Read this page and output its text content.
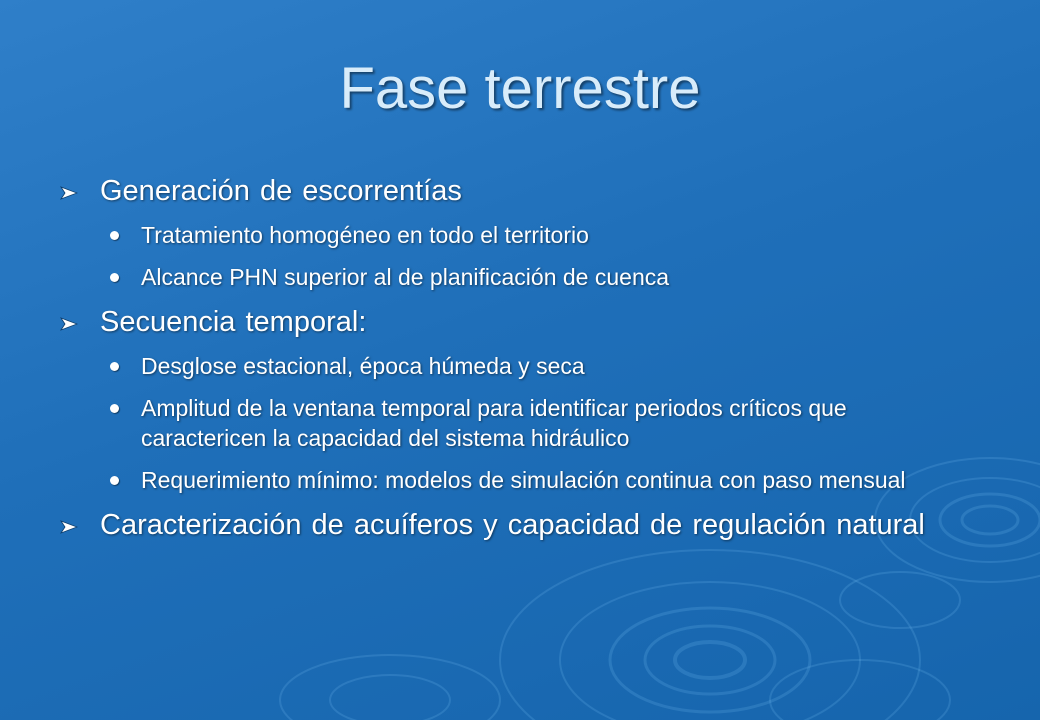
Fase terrestre
Generación de escorrentías
Tratamiento homogéneo en todo el territorio
Alcance PHN superior al de planificación de cuenca
Secuencia temporal:
Desglose estacional, época húmeda y seca
Amplitud de la ventana temporal para identificar periodos críticos que caractericen la capacidad del sistema hidráulico
Requerimiento mínimo: modelos de simulación continua con paso mensual
Caracterización de acuíferos y capacidad de regulación natural
